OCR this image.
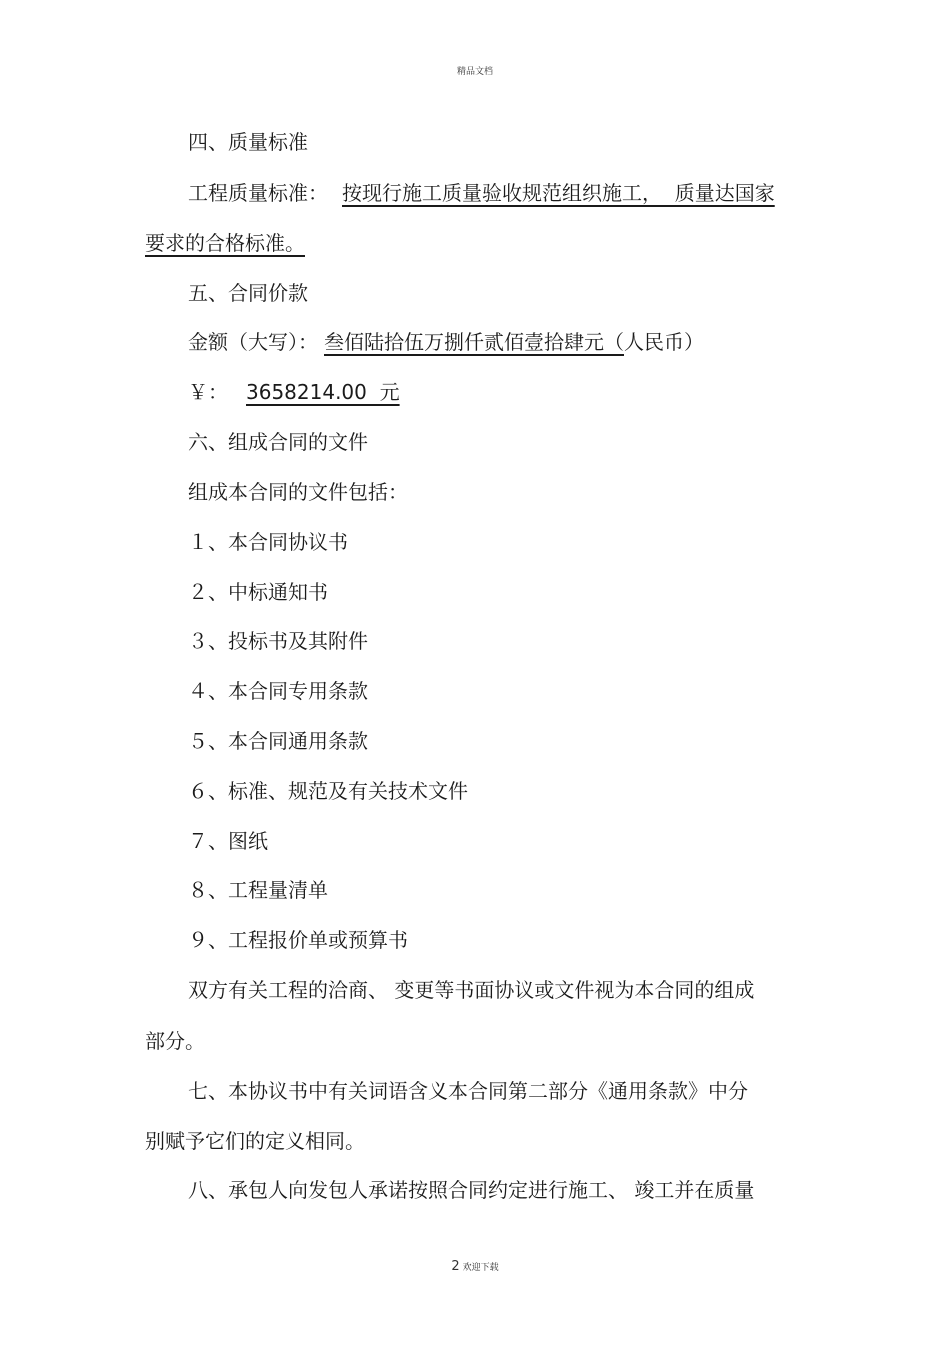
精品文档
四、质量标准
工程质量标准： 按现行施工质量验收规范组织施工，  质量达国家
要求的合格标准。
五、合同价款
金额（大写）： 叁佰陆拾伍万捌仟贰佰壹拾肆元（人民币）
￥： 3658214.00  元
六、组成合同的文件
组成本合同的文件包括：
１、本合同协议书
２、中标通知书
３、投标书及其附件
４、本合同专用条款
５、本合同通用条款
６、标准、规范及有关技术文件
７、图纸
８、工程量清单
９、工程报价单或预算书
双方有关工程的洽商、 变更等书面协议或文件视为本合同的组成
部分。
七、本协议书中有关词语含义本合同第二部分《通用条款》中分
别赋予它们的定义相同。
八、承包人向发包人承诺按照合同约定进行施工、 竣工并在质量
2 欢迎下载
